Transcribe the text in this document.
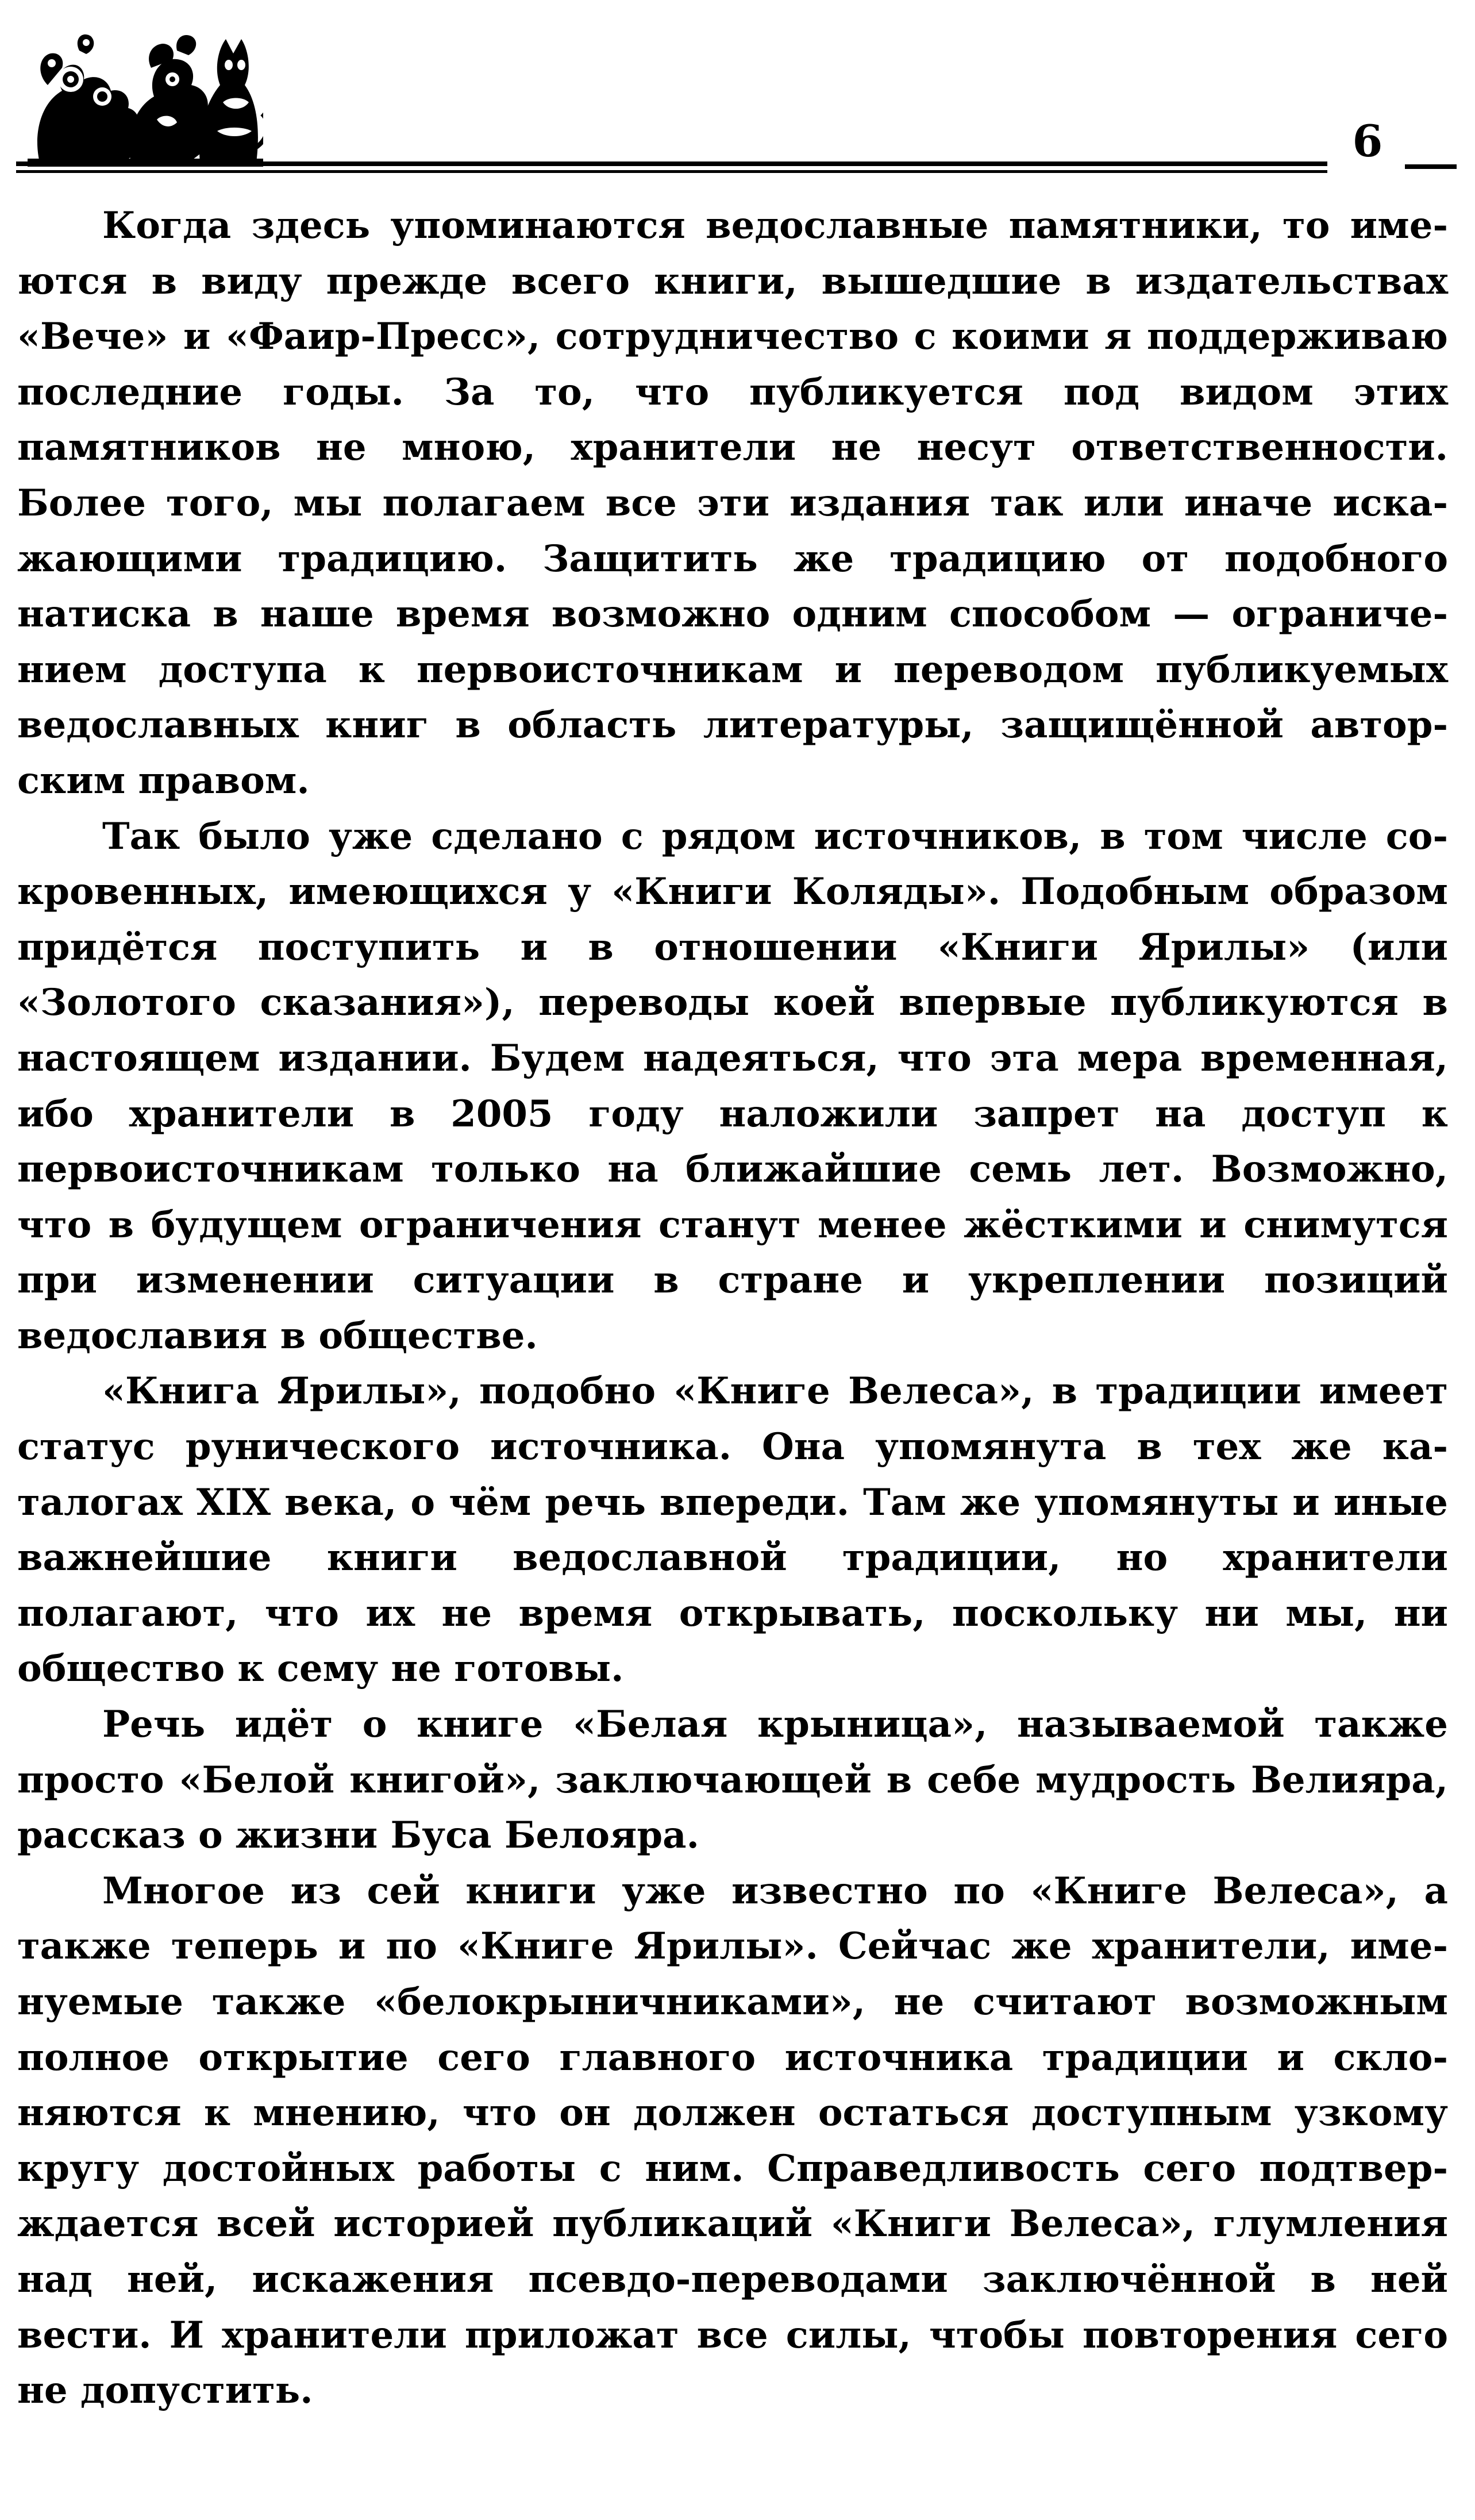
6

Когда здесь упоминаются ведославные памятники, то имеются в виду прежде всего книги, вышедшие в издательствах «Вече» и «Фаир-Пресс», сотрудничество с коими я поддерживаю последние годы. За то, что публикуется под видом этих памятников не мною, хранители не несут ответственности. Более того, мы полагаем все эти издания так или иначе искажающими традицию. Защитить же традицию от подобного натиска в наше время возможно одним способом — ограничением доступа к первоисточникам и переводом публикуемых ведославных книг в область литературы, защищённой авторским правом.

Так было уже сделано с рядом источников, в том числе сокровенных, имеющихся у «Книги Коляды». Подобным образом придётся поступить и в отношении «Книги Ярилы» (или «Золотого сказания»), переводы коей впервые публикуются в настоящем издании. Будем надеяться, что эта мера временная, ибо хранители в 2005 году наложили запрет на доступ к первоисточникам только на ближайшие семь лет. Возможно, что в будущем ограничения станут менее жёсткими и снимутся при изменении ситуации в стране и укреплении позиций ведославия в обществе.

«Книга Ярилы», подобно «Книге Велеса», в традиции имеет статус рунического источника. Она упомянута в тех же каталогах XIX века, о чём речь впереди. Там же упомянуты и иные важнейшие книги ведославной традиции, но хранители полагают, что их не время открывать, поскольку ни мы, ни общество к сему не готовы.

Речь идёт о книге «Белая крыница», называемой также просто «Белой книгой», заключающей в себе мудрость Велияра, рассказ о жизни Буса Белояра.

Многое из сей книги уже известно по «Книге Велеса», а также теперь и по «Книге Ярилы». Сейчас же хранители, именуемые также «белокрыничниками», не считают возможным полное открытие сего главного источника традиции и склоняются к мнению, что он должен остаться доступным узкому кругу достойных работы с ним. Справедливость сего подтверждается всей историей публикаций «Книги Велеса», глумления над ней, искажения псевдо-переводами заключённой в ней вести. И хранители приложат все силы, чтобы повторения сего не допустить.
